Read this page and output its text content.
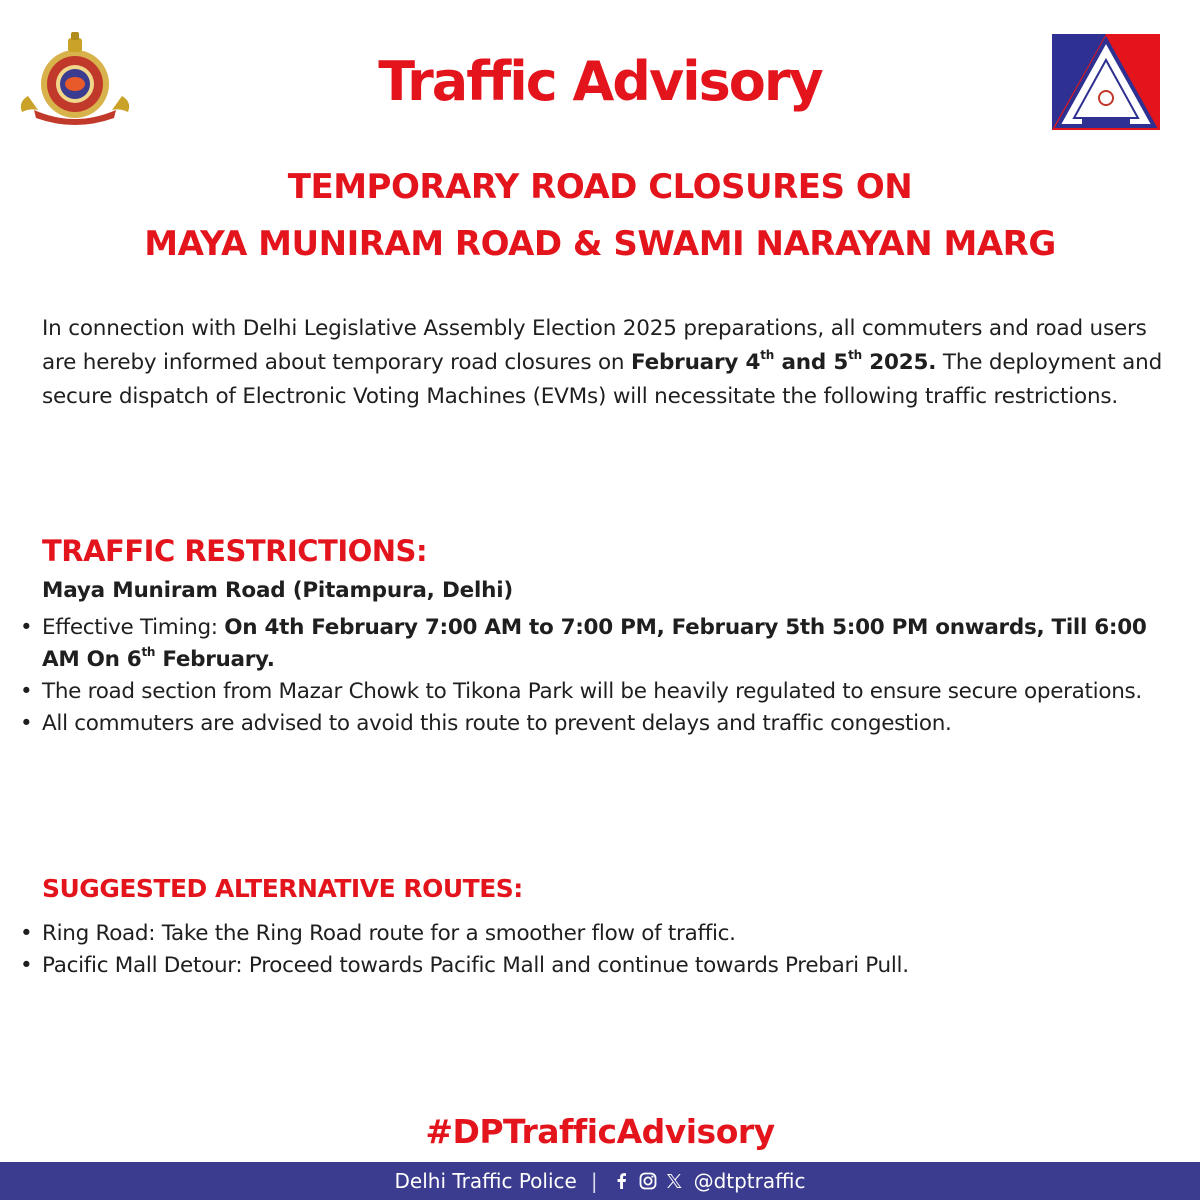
Traffic Advisory
TEMPORARY ROAD CLOSURES ON
MAYA MUNIRAM ROAD & SWAMI NARAYAN MARG

In connection with Delhi Legislative Assembly Election 2025 preparations, all commuters and road users are hereby informed about temporary road closures on February 4th and 5th 2025. The deployment and secure dispatch of Electronic Voting Machines (EVMs) will necessitate the following traffic restrictions.

TRAFFIC RESTRICTIONS:
Maya Muniram Road (Pitampura, Delhi)
• Effective Timing: On 4th February 7:00 AM to 7:00 PM, February 5th 5:00 PM onwards, Till 6:00 AM On 6th February.
• The road section from Mazar Chowk to Tikona Park will be heavily regulated to ensure secure operations.
• All commuters are advised to avoid this route to prevent delays and traffic congestion.
SUGGESTED ALTERNATIVE ROUTES:
• Ring Road: Take the Ring Road route for a smoother flow of traffic.
• Pacific Mall Detour: Proceed towards Pacific Mall and continue towards Prebari Pull.
#DPTrafficAdvisory
Delhi Traffic Police |	@dtptraffic
